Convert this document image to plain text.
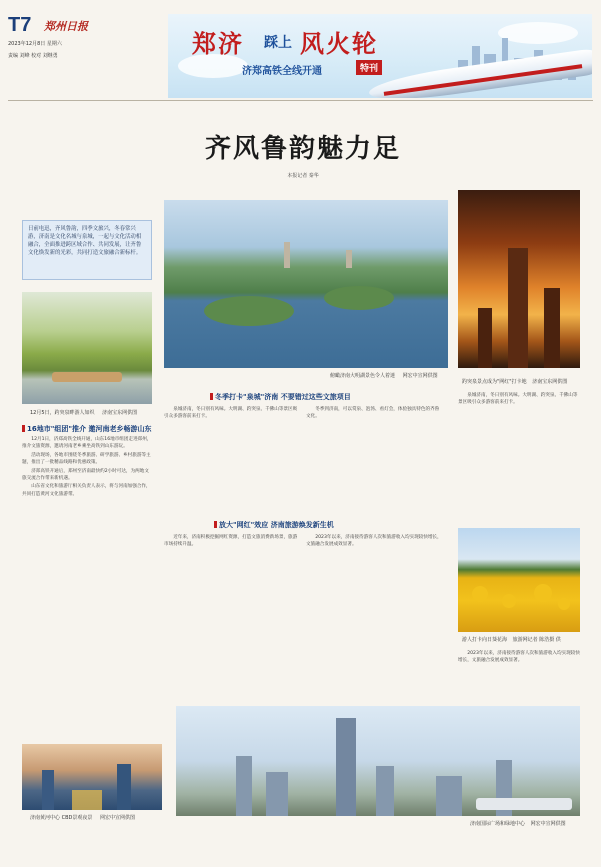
T7 郑州日报
2023年12月8日 星期六
责编 刘峰 校对 刘继勇	郑济 踩上 风火轮
济郑高铁全线开通	特刊
齐风鲁韵魅力足
本报记者 秦华
日前电迅，齐风鲁韵，四季文旅兴，冬春常兴游，济南是文化名城与泉城，一起与文化活动相融合，全面推进跨区域合作、共同发展，让齐鲁文化焕发新的光彩，共同打造文旅融合新标杆。
12月5日，趵突泉畔游人如织 济南宝东网供图
16地市"组团"推介 邀河南老乡畅游山东

12月1日，济郑高铁全线开通，山东16地市组团走进郑州，推介文旅资源，邀请河南老乡乘坐高铁到山东游玩。

活动现场，各地市围绕冬季旅游、研学旅游、乡村旅游等主题，推出了一批精品线路和优惠政策。

济郑高铁开通后，郑州至济南最快约2小时可达，为两地文旅交流合作带来新机遇。

山东省文化和旅游厅相关负责人表示，将与河南加强合作，共同打造黄河文化旅游带。

济南黄河中心 CBD景观夜景 网宏中宣网供图
俯瞰济南大明湖景色令人着迷 网宏中宣网供图
冬季打卡"泉城"济南 不要错过这些文旅项目

泉城济南，冬日别有风味。大明湖、趵突泉、千佛山等景区吸引众多游客前来打卡。

冬季到济南，可以赏泉、泡汤、看灯会，体验独具特色的齐鲁文化。

趵突泉景点成为"网红"打卡地 济南宝东网供图

泉城济南，冬日别有风味。大明湖、趵突泉、千佛山等景区吸引众多游客前来打卡。

放大"网红"效应 济南旅游焕发新生机

近年来，济南积极挖掘网红资源，打造文旅消费新场景，旅游市场持续升温。

2023年以来，济南接待游客人次和旅游收入均实现较快增长，文旅融合发展成效显著。

游人打卡向日葵花海 旅游网记者 陈浩摄 供

2023年以来，济南接待游客人次和旅游收入均实现较快增长，文旅融合发展成效显著。

济南国际广场和绿地中心 网宏中宣网供图
